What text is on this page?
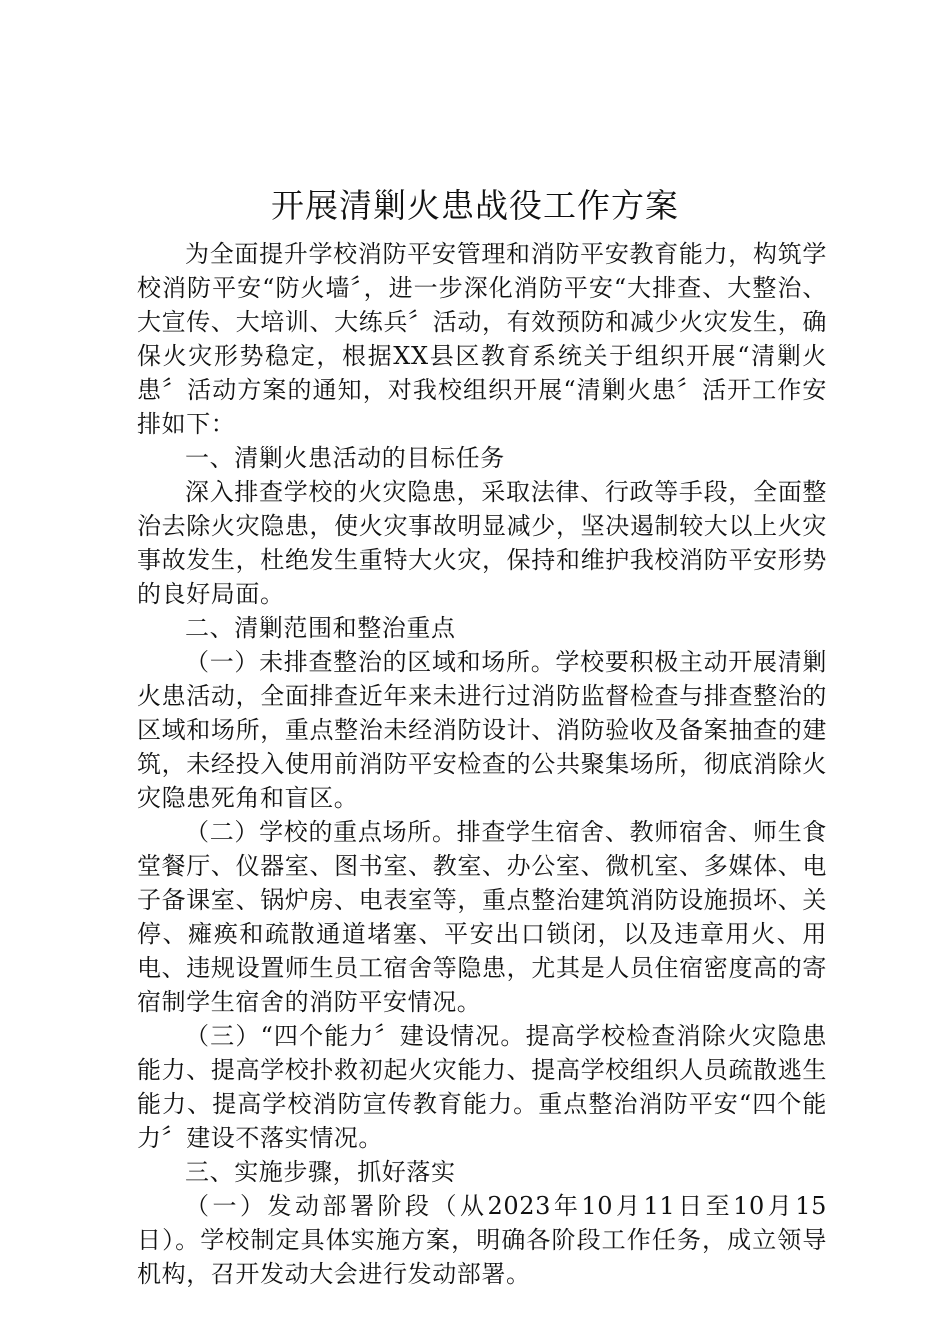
开展清剿火患战役工作方案

为全面提升学校消防平安管理和消防平安教育能力，构筑学校消防平安“防火墙〞，进一步深化消防平安“大排查、大整治、大宣传、大培训、大练兵〞活动，有效预防和减少火灾发生，确保火灾形势稳定，根据XX县区教育系统关于组织开展“清剿火患〞活动方案的通知，对我校组织开展“清剿火患〞活开工作安排如下：

一、清剿火患活动的目标任务

深入排查学校的火灾隐患，采取法律、行政等手段，全面整治去除火灾隐患，使火灾事故明显减少，坚决遏制较大以上火灾事故发生，杜绝发生重特大火灾，保持和维护我校消防平安形势的良好局面。

二、清剿范围和整治重点

（一）未排查整治的区域和场所。学校要积极主动开展清剿火患活动，全面排查近年来未进行过消防监督检查与排查整治的区域和场所，重点整治未经消防设计、消防验收及备案抽查的建筑，未经投入使用前消防平安检查的公共聚集场所，彻底消除火灾隐患死角和盲区。

（二）学校的重点场所。排查学生宿舍、教师宿舍、师生食堂餐厅、仪器室、图书室、教室、办公室、微机室、多媒体、电子备课室、锅炉房、电表室等，重点整治建筑消防设施损坏、关停、瘫痪和疏散通道堵塞、平安出口锁闭，以及违章用火、用电、违规设置师生员工宿舍等隐患，尤其是人员住宿密度高的寄宿制学生宿舍的消防平安情况。

（三）“四个能力〞建设情况。提高学校检查消除火灾隐患能力、提高学校扑救初起火灾能力、提高学校组织人员疏散逃生能力、提高学校消防宣传教育能力。重点整治消防平安“四个能力〞建设不落实情况。

三、实施步骤，抓好落实

（一）发动部署阶段（从2023年10月11日至10月15日）。学校制定具体实施方案，明确各阶段工作任务，成立领导机构，召开发动大会进行发动部署。
